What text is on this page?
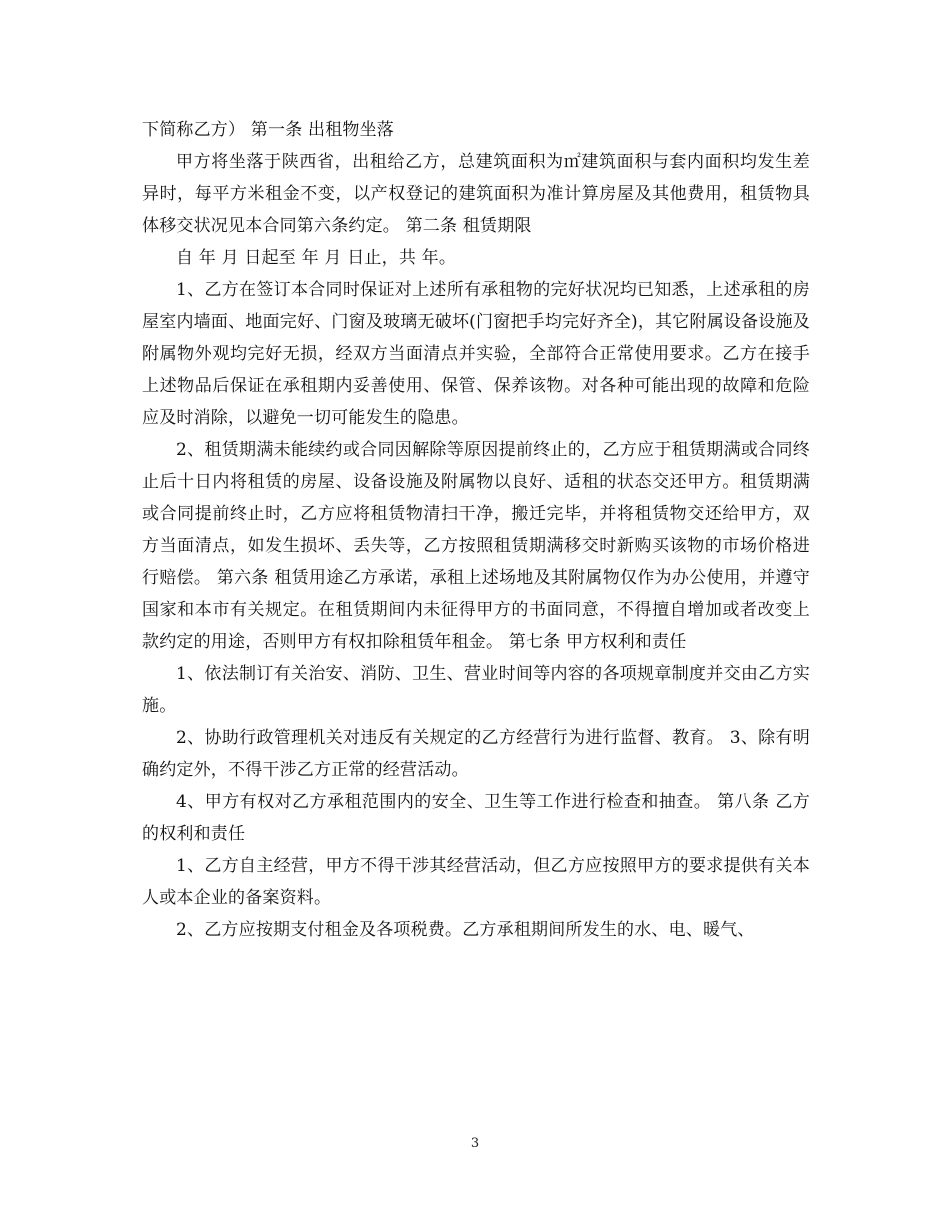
下简称乙方） 第一条 出租物坐落

甲方将坐落于陕西省，出租给乙方，总建筑面积为㎡建筑面积与套内面积均发生差异时，每平方米租金不变，以产权登记的建筑面积为准计算房屋及其他费用，租赁物具体移交状况见本合同第六条约定。 第二条 租赁期限

自 年 月 日起至 年 月 日止，共 年。

1、乙方在签订本合同时保证对上述所有承租物的完好状况均已知悉，上述承租的房屋室内墙面、地面完好、门窗及玻璃无破坏(门窗把手均完好齐全)，其它附属设备设施及附属物外观均完好无损，经双方当面清点并实验，全部符合正常使用要求。乙方在接手上述物品后保证在承租期内妥善使用、保管、保养该物。对各种可能出现的故障和危险应及时消除，以避免一切可能发生的隐患。

2、租赁期满未能续约或合同因解除等原因提前终止的，乙方应于租赁期满或合同终止后十日内将租赁的房屋、设备设施及附属物以良好、适租的状态交还甲方。租赁期满或合同提前终止时，乙方应将租赁物清扫干净，搬迁完毕，并将租赁物交还给甲方，双方当面清点，如发生损坏、丢失等，乙方按照租赁期满移交时新购买该物的市场价格进行赔偿。 第六条 租赁用途乙方承诺，承租上述场地及其附属物仅作为办公使用，并遵守国家和本市有关规定。在租赁期间内未征得甲方的书面同意，不得擅自增加或者改变上款约定的用途，否则甲方有权扣除租赁年租金。 第七条 甲方权利和责任

1、依法制订有关治安、消防、卫生、营业时间等内容的各项规章制度并交由乙方实施。

2、协助行政管理机关对违反有关规定的乙方经营行为进行监督、教育。 3、除有明确约定外，不得干涉乙方正常的经营活动。

4、甲方有权对乙方承租范围内的安全、卫生等工作进行检查和抽查。 第八条 乙方的权利和责任

1、乙方自主经营，甲方不得干涉其经营活动，但乙方应按照甲方的要求提供有关本人或本企业的备案资料。

2、乙方应按期支付租金及各项税费。乙方承租期间所发生的水、电、暖气、

3
